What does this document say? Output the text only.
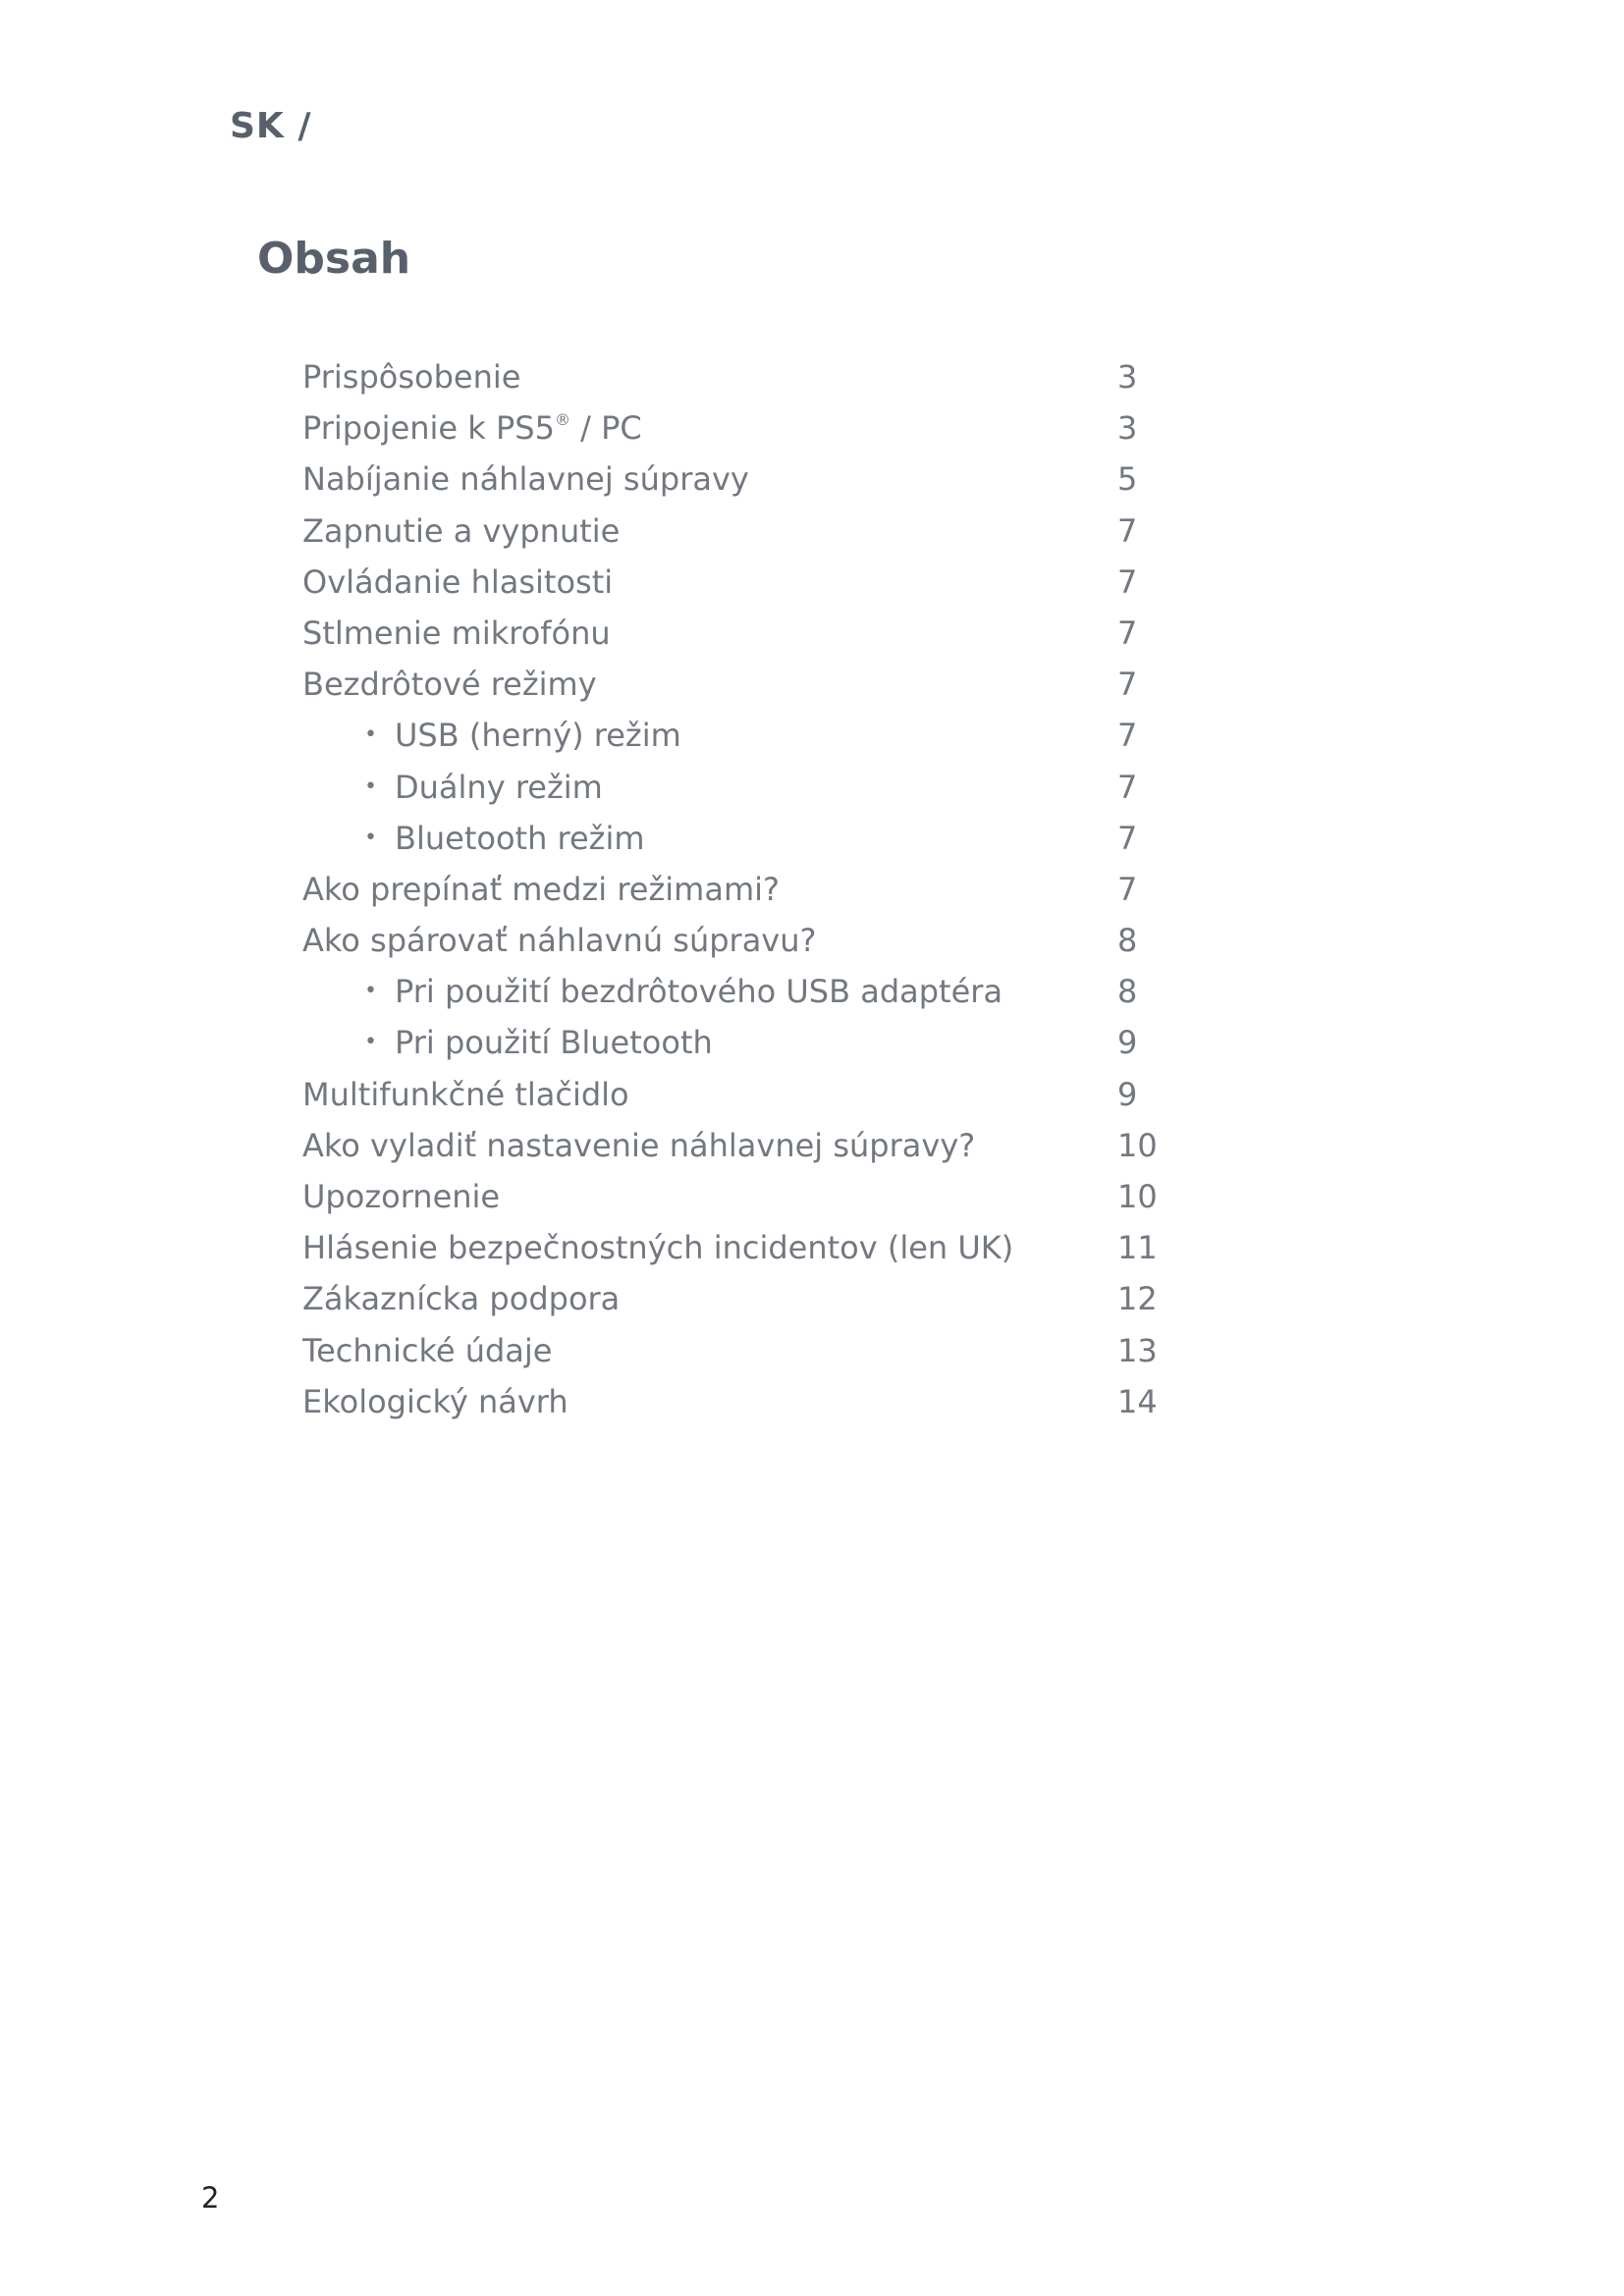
SK /
Obsah
Prispôsobenie	3
Pripojenie k PS5® / PC	3
Nabíjanie náhlavnej súpravy	5
Zapnutie a vypnutie	7
Ovládanie hlasitosti	7
Stlmenie mikrofónu	7
Bezdrôtové režimy	7
• USB (herný) režim	7
• Duálny režim	7
• Bluetooth režim	7
Ako prepínať medzi režimami?	7
Ako spárovať náhlavnú súpravu?	8
• Pri použití bezdrôtového USB adaptéra	8
• Pri použití Bluetooth	9
Multifunkčné tlačidlo	9
Ako vyladiť nastavenie náhlavnej súpravy?	10
Upozornenie	10
Hlásenie bezpečnostných incidentov (len UK)	11
Zákaznícka podpora	12
Technické údaje	13
Ekologický návrh	14
2
